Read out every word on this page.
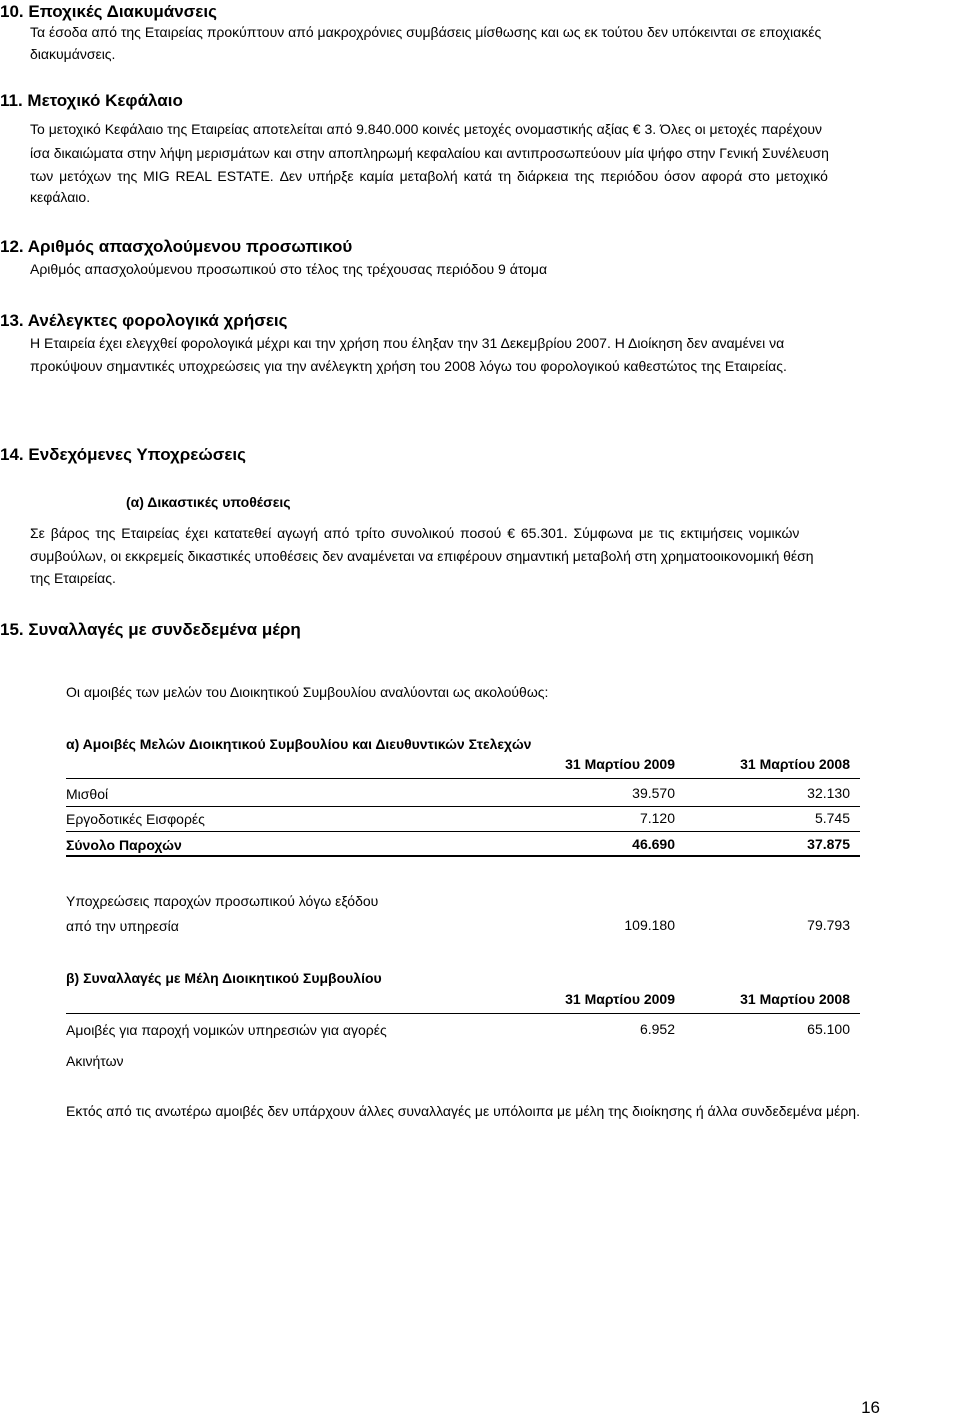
10. Εποχικές Διακυμάνσεις
Τα έσοδα από της Εταιρείας προκύπτουν από μακροχρόνιες συμβάσεις μίσθωσης και ως εκ τούτου δεν υπόκεινται σε εποχιακές
διακυμάνσεις.
11. Μετοχικό Κεφάλαιο
Το μετοχικό Κεφάλαιο της Εταιρείας αποτελείται από 9.840.000 κοινές μετοχές ονομαστικής αξίας € 3. Όλες οι μετοχές παρέχουν
ίσα δικαιώματα στην λήψη μερισμάτων και στην αποπληρωμή κεφαλαίου και αντιπροσωπεύουν μία ψήφο στην Γενική Συνέλευση
των μετόχων της MIG REAL ESTATE. Δεν υπήρξε καμία μεταβολή κατά τη διάρκεια της περιόδου όσον αφορά στο μετοχικό
κεφάλαιο.
12. Αριθμός απασχολούμενου προσωπικού
Αριθμός απασχολούμενου προσωπικού στο τέλος της τρέχουσας περιόδου 9 άτομα
13. Ανέλεγκτες φορολογικά χρήσεις
Η Εταιρεία έχει ελεγχθεί φορολογικά μέχρι και την χρήση που έληξαν την 31 Δεκεμβρίου 2007. Η Διοίκηση δεν αναμένει να
προκύψουν σημαντικές υποχρεώσεις για την ανέλεγκτη χρήση του 2008 λόγω του φορολογικού καθεστώτος της Εταιρείας.
14. Ενδεχόμενες Υποχρεώσεις
(α) Δικαστικές υποθέσεις
Σε βάρος της Εταιρείας έχει κατατεθεί αγωγή από τρίτο συνολικού ποσού € 65.301. Σύμφωνα με τις εκτιμήσεις νομικών
συμβούλων, οι εκκρεμείς δικαστικές υποθέσεις δεν αναμένεται να επιφέρουν σημαντική μεταβολή στη χρηματοοικονομική θέση
της Εταιρείας.
15. Συναλλαγές με συνδεδεμένα μέρη
Οι αμοιβές των μελών του Διοικητικού Συμβουλίου αναλύονται ως ακολούθως:
α) Αμοιβές Μελών Διοικητικού Συμβουλίου και Διευθυντικών Στελεχών
31 Μαρτίου 2009	31 Μαρτίου 2008
Μισθοί	39.570	32.130
Εργοδοτικές Εισφορές	7.120	5.745
Σύνολο Παροχών	46.690	37.875
Υποχρεώσεις παροχών προσωπικού λόγω εξόδου
από την υπηρεσία	109.180	79.793
β) Συναλλαγές με Μέλη Διοικητικού Συμβουλίου
31 Μαρτίου 2009	31 Μαρτίου 2008
Αμοιβές για παροχή νομικών υπηρεσιών για αγορές	6.952	65.100
Ακινήτων
Εκτός από τις ανωτέρω αμοιβές δεν υπάρχουν άλλες συναλλαγές με υπόλοιπα με μέλη της διοίκησης ή άλλα συνδεδεμένα μέρη.
16
